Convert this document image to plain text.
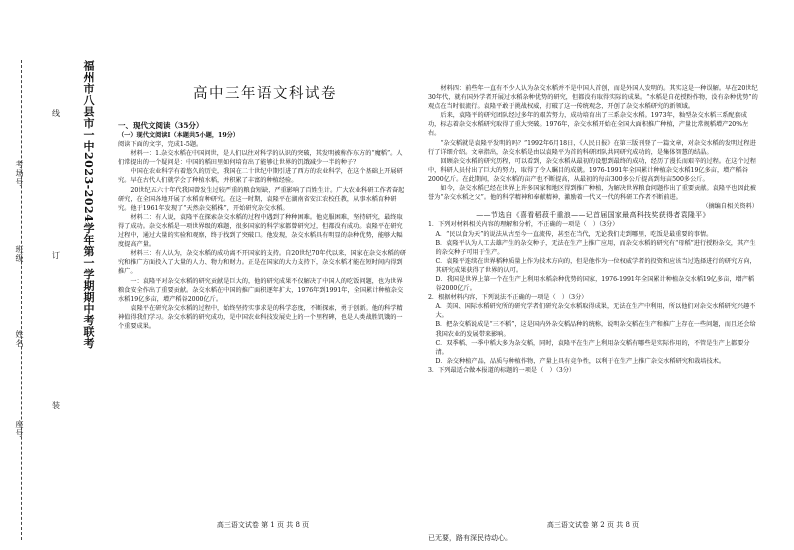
考场号：
班级：
姓名：
座号：
线
订
装
福州市八县市一中2023-2024学年第一学期期中考联考	高中三年语文科试卷

一、现代文阅读（35分）

（一）现代文阅读Ⅰ（本题共5小题，19分）

阅读下面的文字，完成1-5题。

材料一：1.杂交水稻在中国问世，是人们以往对科学的认识的突破，其发明被称作东方的“魔稻”。人们常提出的一个疑问是：中国的稻田里如何培育出了能够让世界的饥饿减少一半的种子？

中国在农业科学有着悠久的历史，我国在二十世纪中期引进了西方的农业科学，在这个基础上开展研究。早在古代人们就学会了种植水稻，并积累了丰富的种植经验。

20世纪五六十年代我国曾发生过较严重的粮食短缺，严重影响了百姓生计。广大农业科研工作者奋起研究，在全国各地开展了水稻育种研究。在这一时期，袁隆平在湖南省安江农校任教，从事水稻育种研究。他于1961年发现了“天然杂交稻株”，开始研究杂交水稻。

材料二：有人说，袁隆平在探索杂交水稻的过程中遇到了种种困难。他克服困难，坚持研究，最终取得了成功。杂交水稻是一项世界级的难题，很多国家的科学家都曾研究过，但都没有成功。袁隆平在研究过程中，通过大量的实验和观察，终于找到了突破口。他发现，杂交水稻具有明显的杂种优势，能够大幅度提高产量。

材料三：有人认为，杂交水稻的成功离不开国家的支持。自20世纪70年代以来，国家在杂交水稻的研究和推广方面投入了大量的人力、物力和财力。正是在国家的大力支持下，杂交水稻才能在短时间内得到推广。

一：袁隆平对杂交水稻的研究贡献是巨大的，他的研究成果不仅解决了中国人的吃饭问题，也为世界粮食安全作出了重要贡献。杂交水稻在中国的推广面积逐年扩大，1976年到1991年，全国累计种植杂交水稻19亿多亩，增产稻谷2000亿斤。

袁隆平在研究杂交水稻的过程中，始终坚持实事求是的科学态度，不断探索，勇于创新。他的科学精神值得我们学习。杂交水稻的研究成功，是中国农业科技发展史上的一个里程碑，也是人类战胜饥饿的一个重要成果。

高三语文试卷 第 1 页 共 8 页

材料四：前些年一直有不少人认为杂交水稻并不是中国人首创，而是外国人发明的。其实这是一种误解。早在20世纪30年代，就有国外学者开展过水稻杂种优势的研究，但都没有取得实际的成果。“水稻是自花授粉作物，没有杂种优势”的观点在当时很流行。袁隆平敢于挑战权威，打破了这一传统观念，开创了杂交水稻研究的新领域。

后来，袁隆平的研究团队经过多年的艰苦努力，成功培育出了三系杂交水稻。1973年，籼型杂交水稻三系配套成功，标志着杂交水稻研究取得了重大突破。1976年，杂交水稻开始在全国大面积推广种植，产量比常规稻增产20%左右。

“杂交稻就是袁隆平发明的吗？”1992年6月18日，《人民日报》在第三版刊登了一篇文章，对杂交水稻的发明过程进行了详细介绍。文章指出，杂交水稻是由以袁隆平为首的科研团队共同研究成功的，是集体智慧的结晶。

回顾杂交水稻的研究历程，可以看到，杂交水稻从最初的设想到最终的成功，经历了漫长而艰辛的过程。在这个过程中，科研人员付出了巨大的努力，取得了令人瞩目的成就。1976-1991年全国累计种植杂交水稻19亿多亩，增产稻谷2000亿斤。在此期间，杂交水稻的亩产也不断提高，从最初的每亩300多公斤提高到每亩500多公斤。

如今，杂交水稻已经在世界上许多国家和地区得到推广种植，为解决世界粮食问题作出了重要贡献。袁隆平也因此被誉为“杂交水稻之父”。他的科学精神和奉献精神，激励着一代又一代的科研工作者不断前进。

（摘编自相关资料）

——节选自《喜看稻菽千重浪——记首届国家最高科技奖获得者袁隆平》

1．下列对材料相关内容的理解和分析，不正确的一项是（　）（3分）

A．“民以食为天”的说法从古至今一直流传，甚至在当代，无论我们走到哪里，吃饭是最重要的事情。

B．袁隆平认为人工去雄产生的杂交种子，无法在生产上推广应用，而杂交水稻的研究有“母稻”进行授粉杂交，其产生的杂交种子可用于生产。

C．袁隆平连续在世界稻种质量上作为技术方向的，但是他作为一位权威学者的投资和应该当过选择进行的研究方向，其研究成果获得了世界的认可。

D．我国是世界上第一个在生产上利用水稻杂种优势的国家，1976-1991年全国累计种植杂交水稻19亿多亩，增产稻谷2000亿斤。

2．根据材料内容，下列说法不正确的一项是（　）（3分）

A．美国、国际水稻研究所的研究学者们研究杂交水稻取得成果，无法在生产中利用，所以他们对杂交水稻研究兴趣不大。

B．把杂交稻说成是“三不稻”，这是国内外杂交稻品种的统称，说明杂交稻在生产和推广上存在一些问题，而且还会给我国农业的发展带来影响。

C．双季稻、一季中稻大多为杂交稻，同时，袁隆平在生产上利用杂交稻有哪些是实际作用的，不管是生产上都要分清。

D．杂交种植产品，品质与种植作物，产量上具有竞争性，以利于在生产上推广杂交水稻研究和栽培技术。

3．下列最适合做本报道的标题的一项是（　）（3分）

高三语文试卷 第 2 页 共 8 页
已无要，路有深民待动心。
